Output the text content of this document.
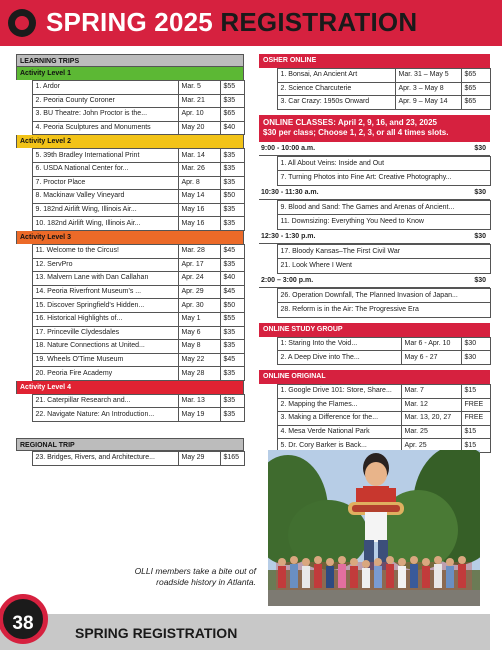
SPRING 2025 REGISTRATION
LEARNING TRIPS
Activity Level 1
	1. Ardor	Mar. 5	$55
	2. Peoria County Coroner	Mar. 21	$35
	3. BU Theatre: John Proctor is the...	Apr. 10	$65
	4. Peoria Sculptures and Monuments	May 20	$40
Activity Level 2
	5. 39th Bradley International Print	Mar. 14	$35
	6. USDA National Center for...	Mar. 26	$35
	7. Proctor Place	Apr. 8	$35
	8. Mackinaw Valley Vineyard	May 14	$50
	9. 182nd Airlift Wing, Illinois Air...	May 16	$35
	10. 182nd Airlift Wing, Illinois Air...	May 16	$35
Activity Level 3
	11. Welcome to the Circus!	Mar. 28	$45
	12. ServPro	Apr. 17	$35
	13. Malvern Lane with Dan Callahan	Apr. 24	$40
	14. Peoria Riverfront Museum's ...	Apr. 29	$45
	15. Discover Springfield's Hidden...	Apr. 30	$50
	16. Historical Highlights of...	May 1	$55
	17. Princeville Clydesdales	May 6	$35
	18. Nature Connections at United...	May 8	$35
	19. Wheels O'Time Museum	May 22	$45
	20. Peoria Fire Academy	May 28	$35
Activity Level 4
	21. Caterpillar Research and...	Mar. 13	$35
	22. Navigate Nature: An Introduction...	May 19	$35
REGIONAL TRIP
	23. Bridges, Rivers, and Architecture...	May 29	$165
OSHER ONLINE
	1. Bonsai, An Ancient Art	Mar. 31 – May 5	$65
	2. Science Charcuterie	Apr. 3 – May 8	$65
	3. Car Crazy: 1950s Onward	Apr. 9 – May 14	$65
ONLINE CLASSES: April 2, 9, 16, and 23, 2025
$30 per class; Choose 1, 2, 3, or all 4 times slots.
9:00 - 10:00 a.m.	$30
	1. All About Veins: Inside and Out
	7. Turning Photos into Fine Art: Creative Photography...
10:30 - 11:30 a.m.	$30
	9. Blood and Sand: The Games and Arenas of Ancient...
	11. Downsizing: Everything You Need to Know
12:30 - 1:30 p.m.	$30
	17. Bloody Kansas–The First Civil War
	21. Look Where I Went
2:00 – 3:00 p.m.	$30
	26. Operation Downfall, The Planned Invasion of Japan...
	28. Reform is in the Air: The Progressive Era
ONLINE STUDY GROUP
	1: Staring Into the Void...	Mar 6 - Apr. 10	$30
	2. A Deep Dive into The...	May 6 - 27	$30
ONLINE ORIGINAL
	1. Google Drive 101: Store, Share...	Mar. 7	$15
	2. Mapping the Flames...	Mar. 12	FREE
	3. Making a Difference for the...	Mar. 13, 20, 27	FREE
	4. Mesa Verde National Park	Mar. 25	$15
	5. Dr. Cory Barker is Back...	Apr. 25	$15
OLLI members take a bite out of
roadside history in Atlanta.
38	SPRING REGISTRATION
